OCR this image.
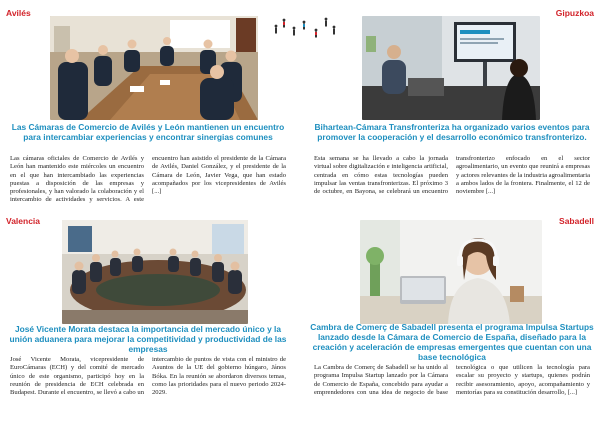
Avilés
Las Cámaras de Comercio de Avilés y León mantienen un encuentro para intercambiar experiencias y encontrar sinergias comunes

Las cámaras oficiales de Comercio de Avilés y León han mantenido este miércoles un encuentro en el que han intercambiado las experiencias puestas a disposición de las empresas y profesionales, y han valorado la colaboración y el intercambio de actividades y servicios. A este encuentro han asistido el presidente de la Cámara de Avilés, Daniel González, y el presidente de la Cámara de León, Javier Vega, que han estado acompañados por los vicepresidentes de Avilés [...]

Gipuzkoa
Bihartean-Cámara Transfronteriza ha organizado varios eventos para promover la cooperación y el desarrollo económico transfronterizo.

Esta semana se ha llevado a cabo la jornada virtual sobre digitalización e inteligencia artificial, centrada en cómo estas tecnologías pueden impulsar las ventas transfronterizas. El próximo 3 de octubre, en Bayona, se celebrará un encuentro transfronterizo enfocado en el sector agroalimentario, un evento que reunirá a empresas y actores relevantes de la industria agroalimentaria a ambos lados de la frontera. Finalmente, el 12 de noviembre [...]

Valencia
José Vicente Morata destaca la importancia del mercado único y la unión aduanera para mejorar la competitividad y productividad de las empresas

José Vicente Morata, vicepresidente de EuroCámaras (ECH) y del comité de mercado único de este organismo, participó hoy en la reunión de presidencia de ECH celebrada en Budapest. Durante el encuentro, se llevó a cabo un intercambio de puntos de vista con el ministro de Asuntos de la UE del gobierno húngaro, János Bóka. En la reunión se abordaron diversos temas, como las prioridades para el nuevo periodo 2024-2029.

Sabadell
Cambra de Comerç de Sabadell presenta el programa Impulsa Startups lanzado desde la Cámara de Comercio de España, diseñado para la creación y aceleración de empresas emergentes que cuentan con una base tecnológica

La Cambra de Comerç de Sabadell se ha unido al programa Impulsa Startup lanzado por la Cámara de Comercio de España, concebido para ayudar a emprendedores con una idea de negocio de base tecnológica o que utilicen la tecnología para escalar su proyecto y startups, quienes podrán recibir asesoramiento, apoyo, acompañamiento y mentorías para su constitución desarrollo, [...]
